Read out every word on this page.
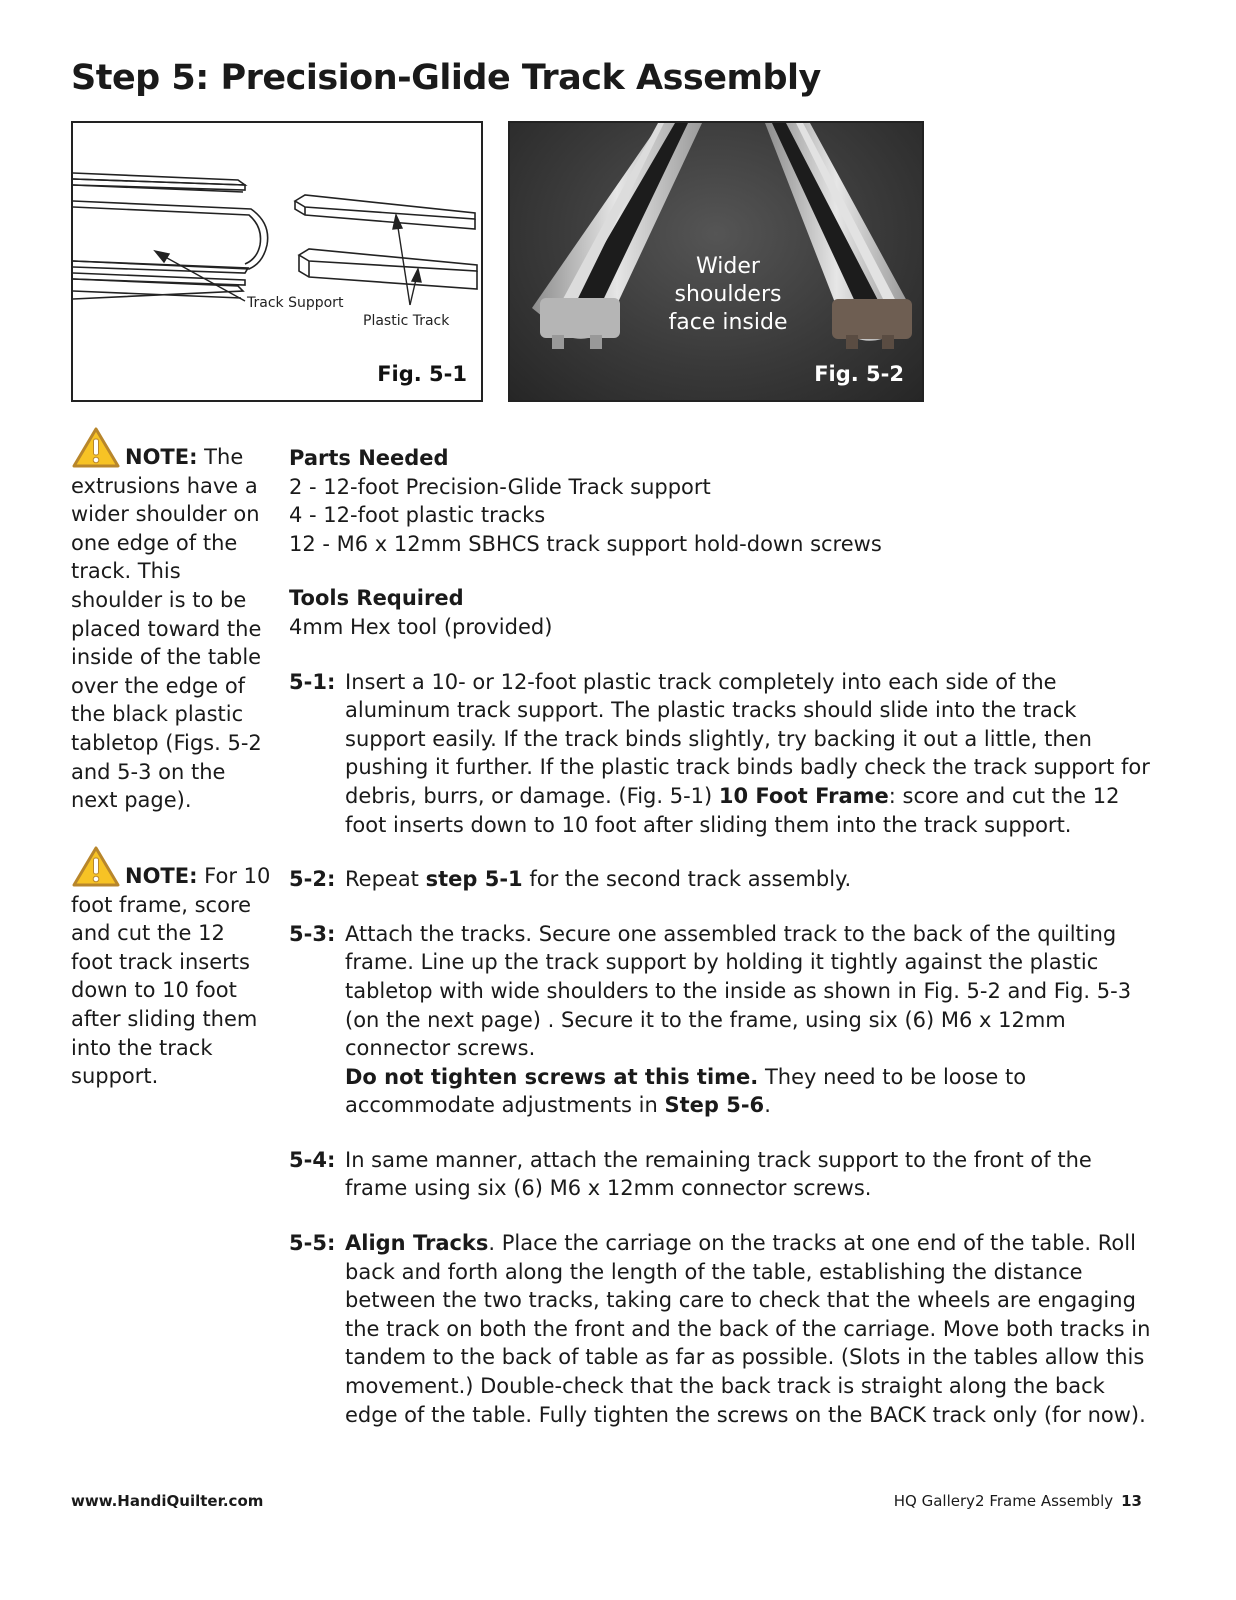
Step 5: Precision-Glide Track Assembly
Track Support
Plastic Track
Fig. 5-1
Wider
shoulders
face inside
Fig. 5-2
NOTE: The extrusions have a wider shoulder on one edge of the track. This shoulder is to be placed toward the inside of the table over the edge of the black plastic tabletop (Figs. 5-2 and 5-3 on the next page).
NOTE: For 10 foot frame, score and cut the 12 foot track inserts down to 10 foot after sliding them into the track support.

Parts Needed

2 - 12-foot Precision-Glide Track support

4 - 12-foot plastic tracks

12 - M6 x 12mm SBHCS track support hold-down screws

Tools Required

4mm Hex tool (provided)

5-1: Insert a 10- or 12-foot plastic track completely into each side of the aluminum track support. The plastic tracks should slide into the track support easily. If the track binds slightly, try backing it out a little, then pushing it further. If the plastic track binds badly check the track support for debris, burrs, or damage. (Fig. 5-1) 10 Foot Frame: score and cut the 12 foot inserts down to 10 foot after sliding them into the track support.
5-2: Repeat step 5-1 for the second track assembly.
5-3: Attach the tracks. Secure one assembled track to the back of the quilting frame. Line up the track support by holding it tightly against the plastic tabletop with wide shoulders to the inside as shown in Fig. 5-2 and Fig. 5-3 (on the next page) . Secure it to the frame, using six (6) M6 x 12mm connector screws.
Do not tighten screws at this time. They need to be loose to accommodate adjustments in Step 5-6.
5-4: In same manner, attach the remaining track support to the front of the frame using six (6) M6 x 12mm connector screws.
5-5: Align Tracks. Place the carriage on the tracks at one end of the table. Roll back and forth along the length of the table, establishing the distance between the two tracks, taking care to check that the wheels are engaging the track on both the front and the back of the carriage. Move both tracks in tandem to the back of table as far as possible. (Slots in the tables allow this movement.) Double-check that the back track is straight along the back edge of the table. Fully tighten the screws on the BACK track only (for now).
www.HandiQuilter.com	HQ Gallery2 Frame Assembly 13
